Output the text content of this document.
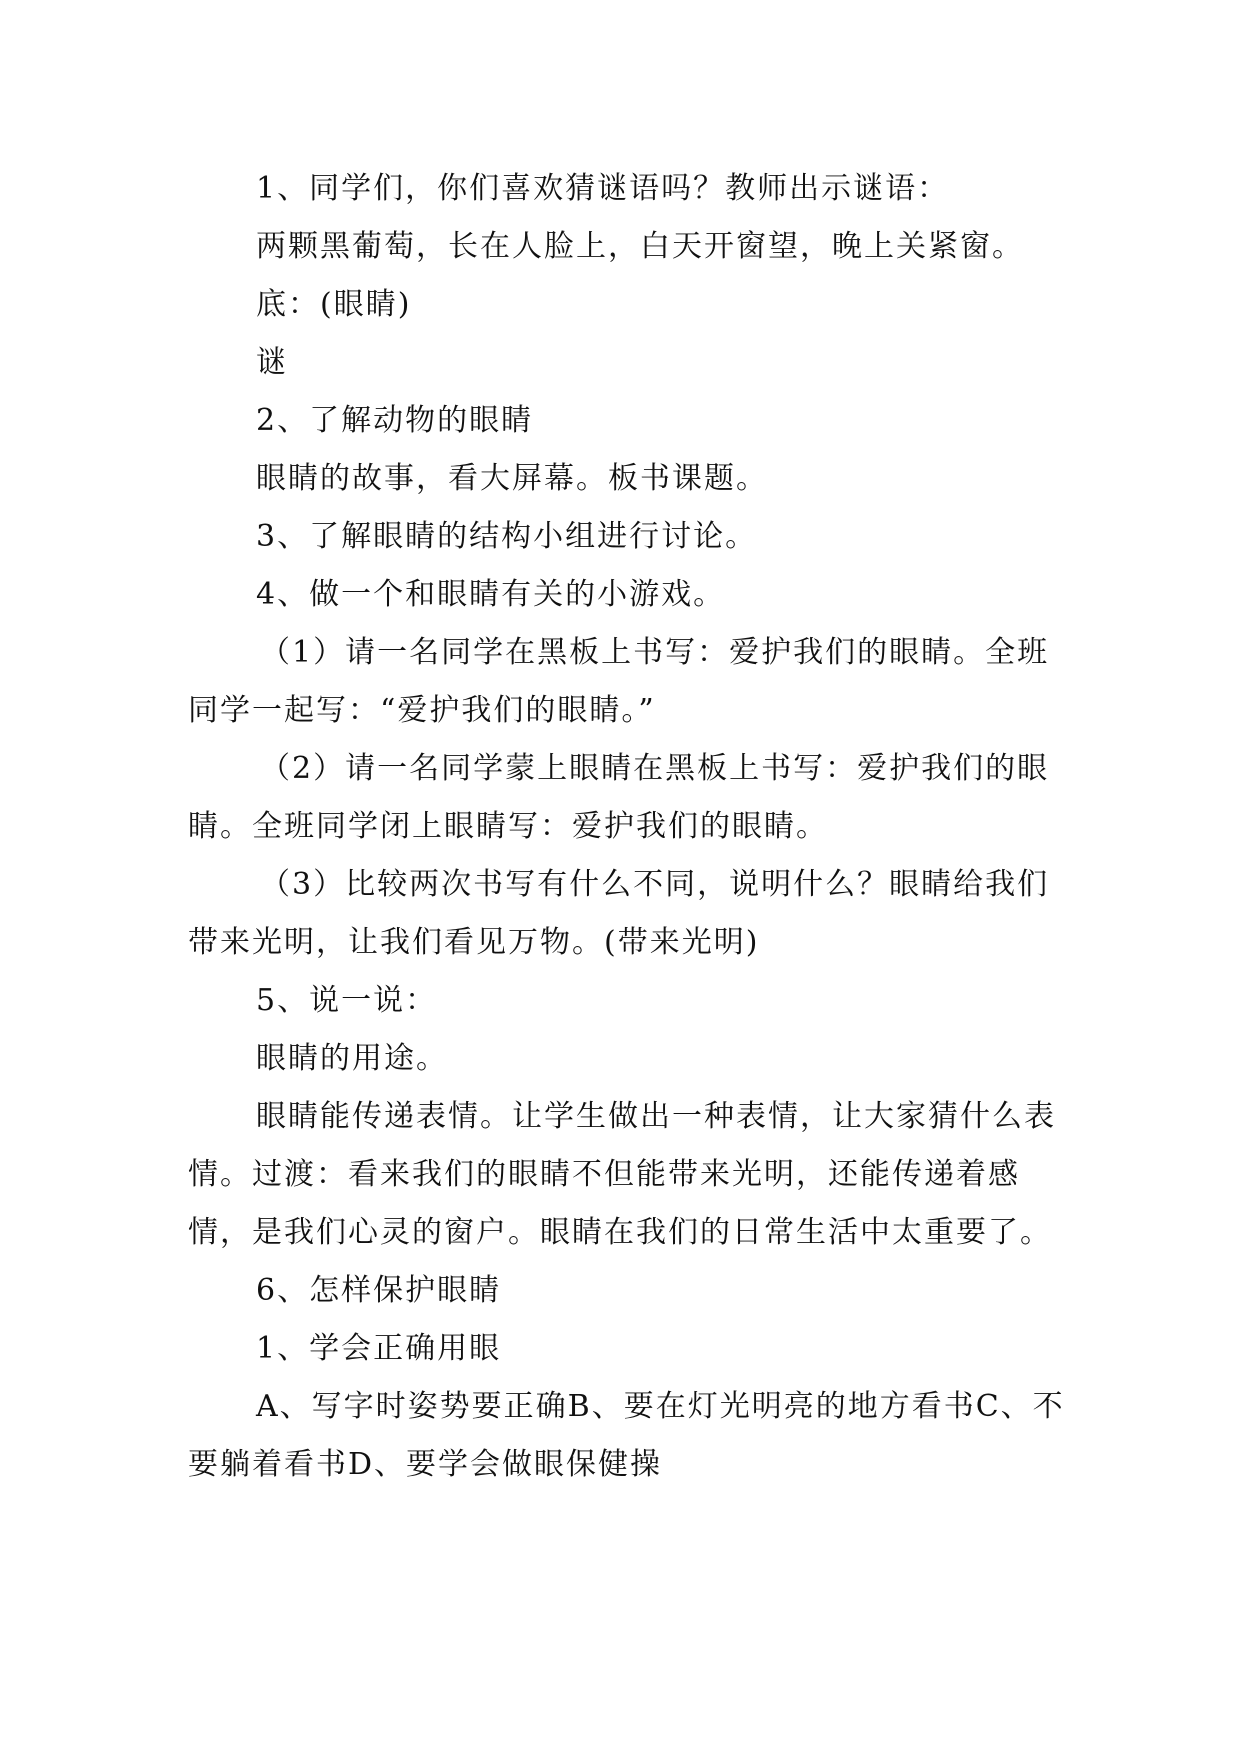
1、同学们，你们喜欢猜谜语吗？教师出示谜语：

两颗黑葡萄，长在人脸上，白天开窗望，晚上关紧窗。

底：(眼睛)

谜

2、了解动物的眼睛

眼睛的故事，看大屏幕。板书课题。

3、了解眼睛的结构小组进行讨论。

4、做一个和眼睛有关的小游戏。

（1）请一名同学在黑板上书写：爱护我们的眼睛。全班同学一起写：“爱护我们的眼睛。”

（2）请一名同学蒙上眼睛在黑板上书写：爱护我们的眼睛。全班同学闭上眼睛写：爱护我们的眼睛。

（3）比较两次书写有什么不同，说明什么？眼睛给我们带来光明，让我们看见万物。(带来光明)

5、说一说：

眼睛的用途。

眼睛能传递表情。让学生做出一种表情，让大家猜什么表情。过渡：看来我们的眼睛不但能带来光明，还能传递着感情，是我们心灵的窗户。眼睛在我们的日常生活中太重要了。

6、怎样保护眼睛

1、学会正确用眼

A、写字时姿势要正确B、要在灯光明亮的地方看书C、不要躺着看书D、要学会做眼保健操
